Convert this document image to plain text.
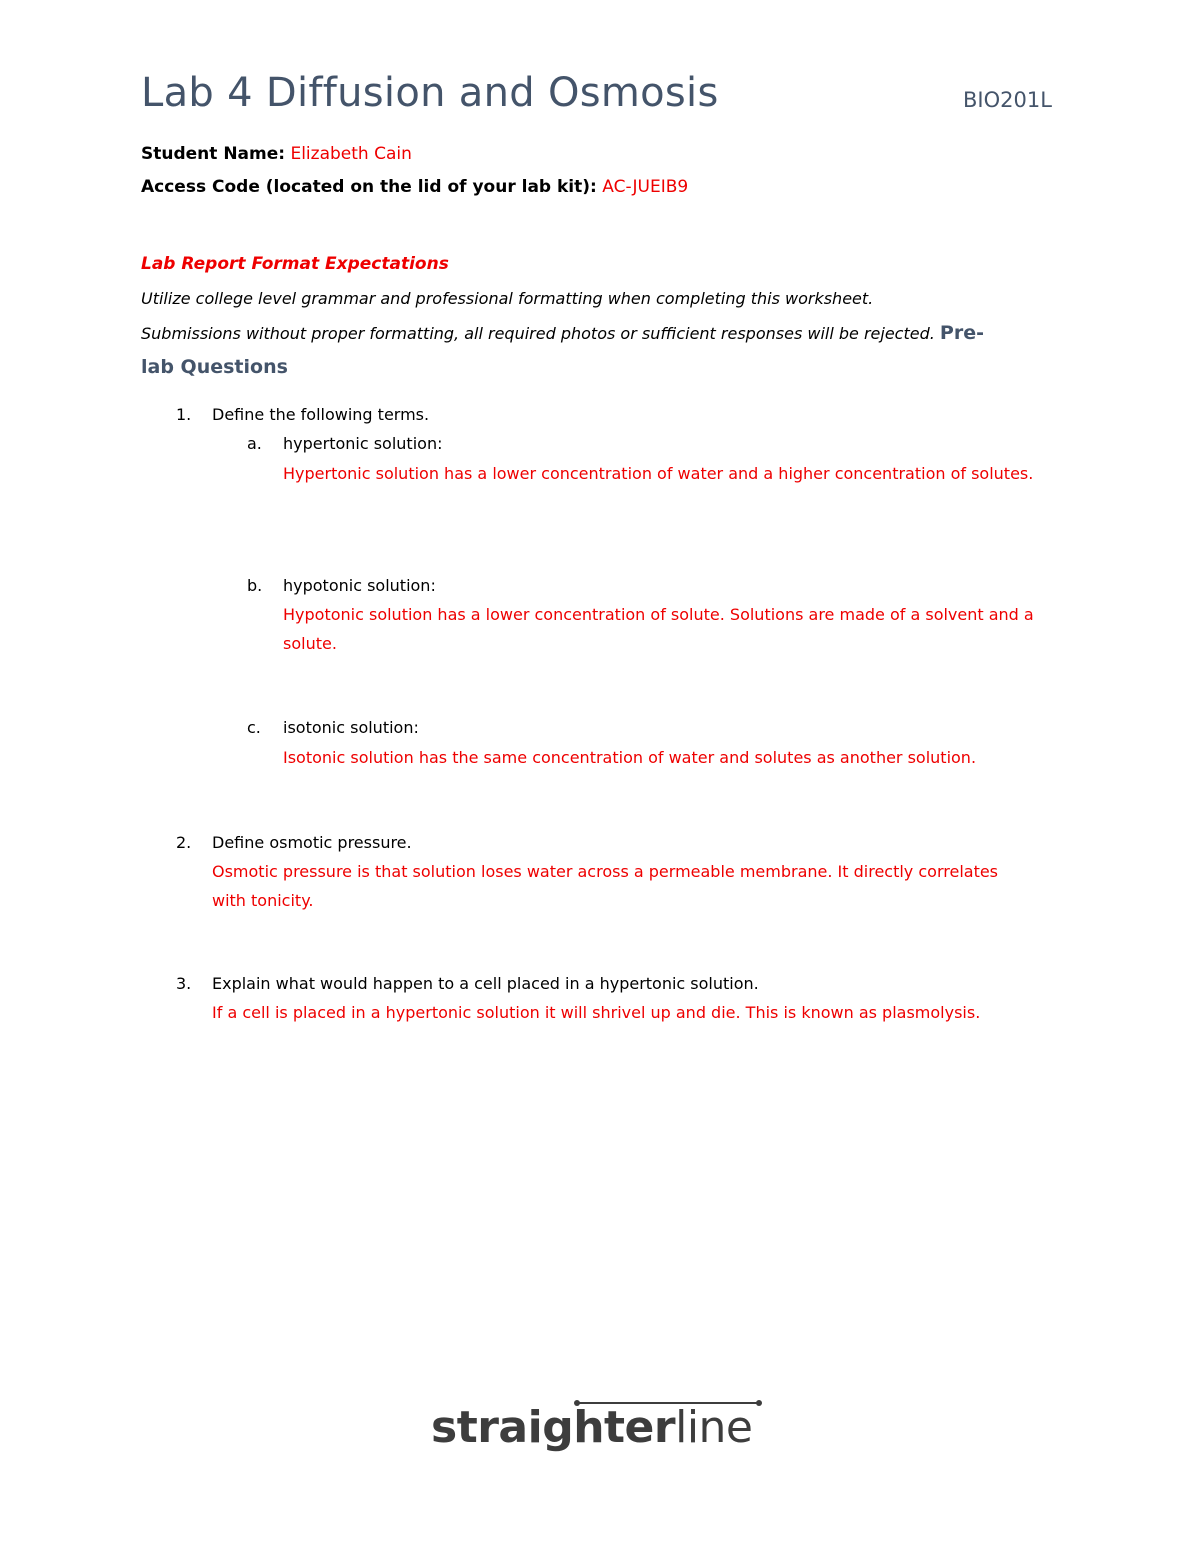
Lab 4 Diffusion and Osmosis	BIO201L
Student Name: Elizabeth Cain
Access Code (located on the lid of your lab kit): AC-JUEIB9
Lab Report Format Expectations
Utilize college level grammar and professional formatting when completing this worksheet.
Submissions without proper formatting, all required photos or sufficient responses will be rejected. Pre-
lab Questions
1. Define the following terms.
a. hypertonic solution:
Hypertonic solution has a lower concentration of water and a higher concentration of solutes.
b. hypotonic solution:
Hypotonic solution has a lower concentration of solute. Solutions are made of a solvent and a solute.
c. isotonic solution:
Isotonic solution has the same concentration of water and solutes as another solution.
2. Define osmotic pressure.
Osmotic pressure is that solution loses water across a permeable membrane. It directly correlates with tonicity.
3. Explain what would happen to a cell placed in a hypertonic solution.
If a cell is placed in a hypertonic solution it will shrivel up and die. This is known as plasmolysis.
straighterline
